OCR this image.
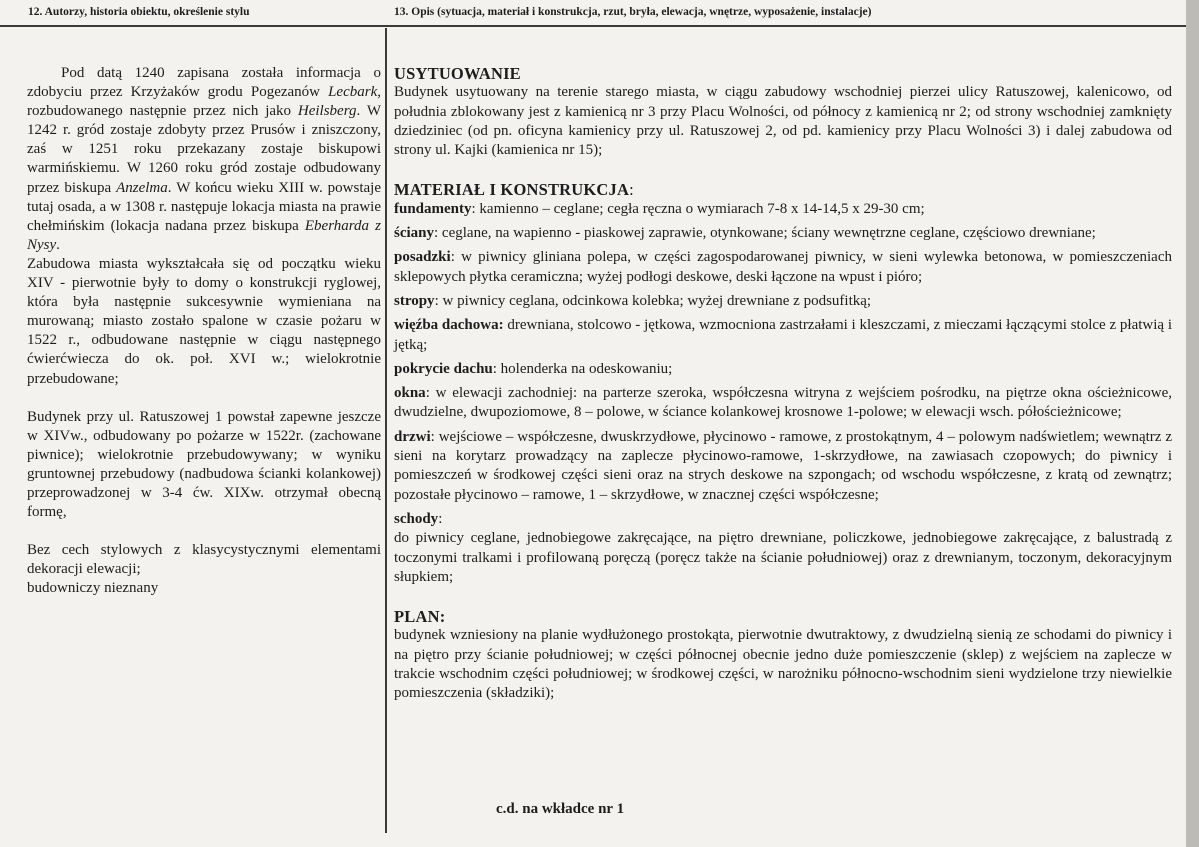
12. Autorzy, historia obiektu, określenie stylu	13. Opis (sytuacja, materiał i konstrukcja, rzut, bryła, elewacja, wnętrze, wyposażenie, instalacje)

Pod datą 1240 zapisana została informacja o zdobyciu przez Krzyżaków grodu Pogezanów Lecbark, rozbudowanego następnie przez nich jako Heilsberg. W 1242 r. gród zostaje zdobyty przez Prusów i zniszczony, zaś w 1251 roku przekazany zostaje biskupowi warmińskiemu. W 1260 roku gród zostaje odbudowany przez biskupa Anzelma. W końcu wieku XIII w. powstaje tutaj osada, a w 1308 r. następuje lokacja miasta na prawie chełmińskim (lokacja nadana przez biskupa Eberharda z Nysy.

Zabudowa miasta wykształcała się od początku wieku XIV - pierwotnie były to domy o konstrukcji ryglowej, która była następnie sukcesywnie wymieniana na murowaną; miasto zostało spalone w czasie pożaru w 1522 r., odbudowane następnie w ciągu następnego ćwierćwiecza do ok. poł. XVI w.; wielokrotnie przebudowane;

Budynek przy ul. Ratuszowej 1 powstał zapewne jeszcze w XIVw., odbudowany po pożarze w 1522r. (zachowane piwnice); wielokrotnie przebudowywany; w wyniku gruntownej przebudowy (nadbudowa ścianki kolankowej) przeprowadzonej w 3-4 ćw. XIXw. otrzymał obecną formę,

Bez cech stylowych z klasycystycznymi elementami dekoracji elewacji;

budowniczy nieznany

USYTUOWANIE

Budynek usytuowany na terenie starego miasta, w ciągu zabudowy wschodniej pierzei ulicy Ratuszowej, kalenicowo, od południa zblokowany jest z kamienicą nr 3 przy Placu Wolności, od północy z kamienicą nr 2; od strony wschodniej zamknięty dziedziniec (od pn. oficyna kamienicy przy ul. Ratuszowej 2, od pd. kamienicy przy Placu Wolności 3) i dalej zabudowa od strony ul. Kajki (kamienica nr 15);

MATERIAŁ I KONSTRUKCJA:

fundamenty: kamienno – ceglane; cegła ręczna o wymiarach 7-8 x 14-14,5 x 29-30 cm;

ściany: ceglane, na wapienno - piaskowej zaprawie, otynkowane; ściany wewnętrzne ceglane, częściowo drewniane;

posadzki: w piwnicy gliniana polepa, w części zagospodarowanej piwnicy, w sieni wylewka betonowa, w pomieszczeniach sklepowych płytka ceramiczna; wyżej podłogi deskowe, deski łączone na wpust i pióro;

stropy: w piwnicy ceglana, odcinkowa kolebka; wyżej drewniane z podsufitką;

więźba dachowa: drewniana, stolcowo - jętkowa, wzmocniona zastrzałami i kleszczami, z mieczami łączącymi stolce z płatwią i jętką;

pokrycie dachu: holenderka na odeskowaniu;

okna: w elewacji zachodniej: na parterze szeroka, współczesna witryna z wejściem pośrodku, na piętrze okna ościeżnicowe, dwudzielne, dwupoziomowe, 8 – polowe, w ściance kolankowej krosnowe 1-polowe; w elewacji wsch. półościeżnicowe;

drzwi: wejściowe – współczesne, dwuskrzydłowe, płycinowo - ramowe, z prostokątnym, 4 – polowym nadświetlem; wewnątrz z sieni na korytarz prowadzący na zaplecze płycinowo-ramowe, 1-skrzydłowe, na zawiasach czopowych; do piwnicy i pomieszczeń w środkowej części sieni oraz na strych deskowe na szpongach; od wschodu współczesne, z kratą od zewnątrz; pozostałe płycinowo – ramowe, 1 – skrzydłowe, w znacznej części współczesne;

schody:

do piwnicy ceglane, jednobiegowe zakręcające, na piętro drewniane, policzkowe, jednobiegowe zakręcające, z balustradą z toczonymi tralkami i profilowaną poręczą (poręcz także na ścianie południowej) oraz z drewnianym, toczonym, dekoracyjnym słupkiem;

PLAN:

budynek wzniesiony na planie wydłużonego prostokąta, pierwotnie dwutraktowy, z dwudzielną sienią ze schodami do piwnicy i na piętro przy ścianie południowej; w części północnej obecnie jedno duże pomieszczenie (sklep) z wejściem na zaplecze w trakcie wschodnim części południowej; w środkowej części, w narożniku północno-wschodnim sieni wydzielone trzy niewielkie pomieszczenia (składziki);

c.d. na wkładce nr 1
